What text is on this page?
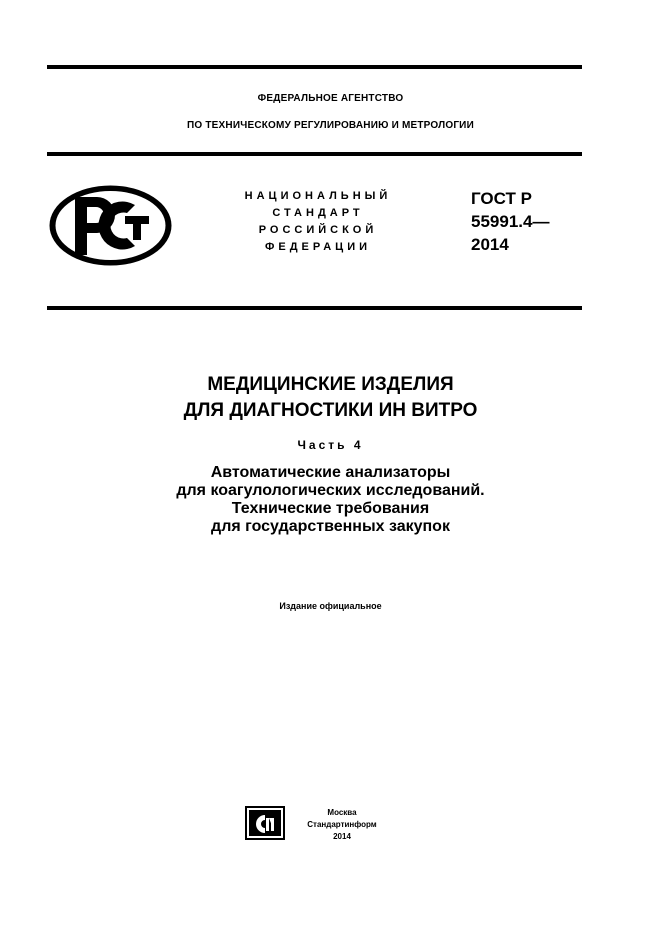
ФЕДЕРАЛЬНОЕ АГЕНТСТВО
ПО ТЕХНИЧЕСКОМУ РЕГУЛИРОВАНИЮ И МЕТРОЛОГИИ
НАЦИОНАЛЬНЫЙ
СТАНДАРТ
РОССИЙСКОЙ
ФЕДЕРАЦИИ
ГОСТ Р
55991.4—
2014
МЕДИЦИНСКИЕ ИЗДЕЛИЯ
ДЛЯ ДИАГНОСТИКИ ИН ВИТРО
Часть 4
Автоматические анализаторы
для коагулологических исследований.
Технические требования
для государственных закупок
Издание официальное
Москва
Стандартинформ
2014
